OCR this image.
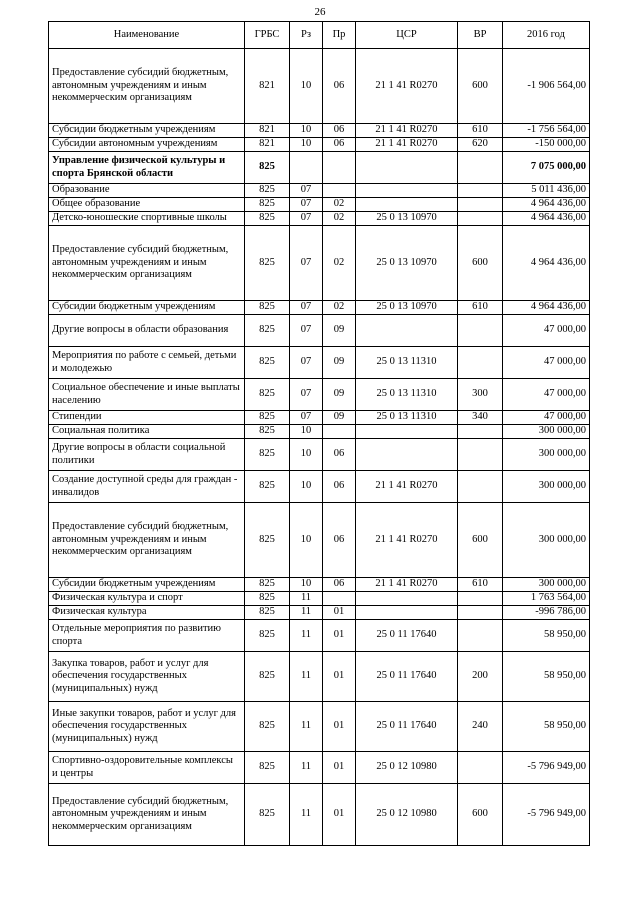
26
Наименование	ГРБС	Рз	Пр	ЦСР	ВР	2016 год
Предоставление субсидий бюджетным, автономным учреждениям и иным некоммерческим организациям	821	10	06	21 1 41 R0270	600	-1 906 564,00
Субсидии бюджетным учреждениям	821	10	06	21 1 41 R0270	610	-1 756 564,00
Субсидии автономным учреждениям	821	10	06	21 1 41 R0270	620	-150 000,00
Управление физической культуры и спорта Брянской области	825					7 075 000,00
Образование	825	07				5 011 436,00
Общее образование	825	07	02			4 964 436,00
Детско-юношеские спортивные школы	825	07	02	25 0 13 10970		4 964 436,00
Предоставление субсидий бюджетным, автономным учреждениям и иным некоммерческим организациям	825	07	02	25 0 13 10970	600	4 964 436,00
Субсидии бюджетным учреждениям	825	07	02	25 0 13 10970	610	4 964 436,00
Другие вопросы в области образования	825	07	09			47 000,00
Мероприятия по работе с семьей, детьми и молодежью	825	07	09	25 0 13 11310		47 000,00
Социальное обеспечение и иные выплаты населению	825	07	09	25 0 13 11310	300	47 000,00
Стипендии	825	07	09	25 0 13 11310	340	47 000,00
Социальная политика	825	10				300 000,00
Другие вопросы в области социальной политики	825	10	06			300 000,00
Создание доступной среды для граждан - инвалидов	825	10	06	21 1 41 R0270		300 000,00
Предоставление субсидий бюджетным, автономным учреждениям и иным некоммерческим организациям	825	10	06	21 1 41 R0270	600	300 000,00
Субсидии бюджетным учреждениям	825	10	06	21 1 41 R0270	610	300 000,00
Физическая культура и спорт	825	11				1 763 564,00
Физическая культура	825	11	01			-996 786,00
Отдельные мероприятия по развитию спорта	825	11	01	25 0 11 17640		58 950,00
Закупка товаров, работ и услуг для обеспечения государственных (муниципальных) нужд	825	11	01	25 0 11 17640	200	58 950,00
Иные закупки товаров, работ и услуг для обеспечения государственных (муниципальных) нужд	825	11	01	25 0 11 17640	240	58 950,00
Спортивно-оздоровительные комплексы и центры	825	11	01	25 0 12 10980		-5 796 949,00
Предоставление субсидий бюджетным, автономным учреждениям и иным некоммерческим организациям	825	11	01	25 0 12 10980	600	-5 796 949,00
